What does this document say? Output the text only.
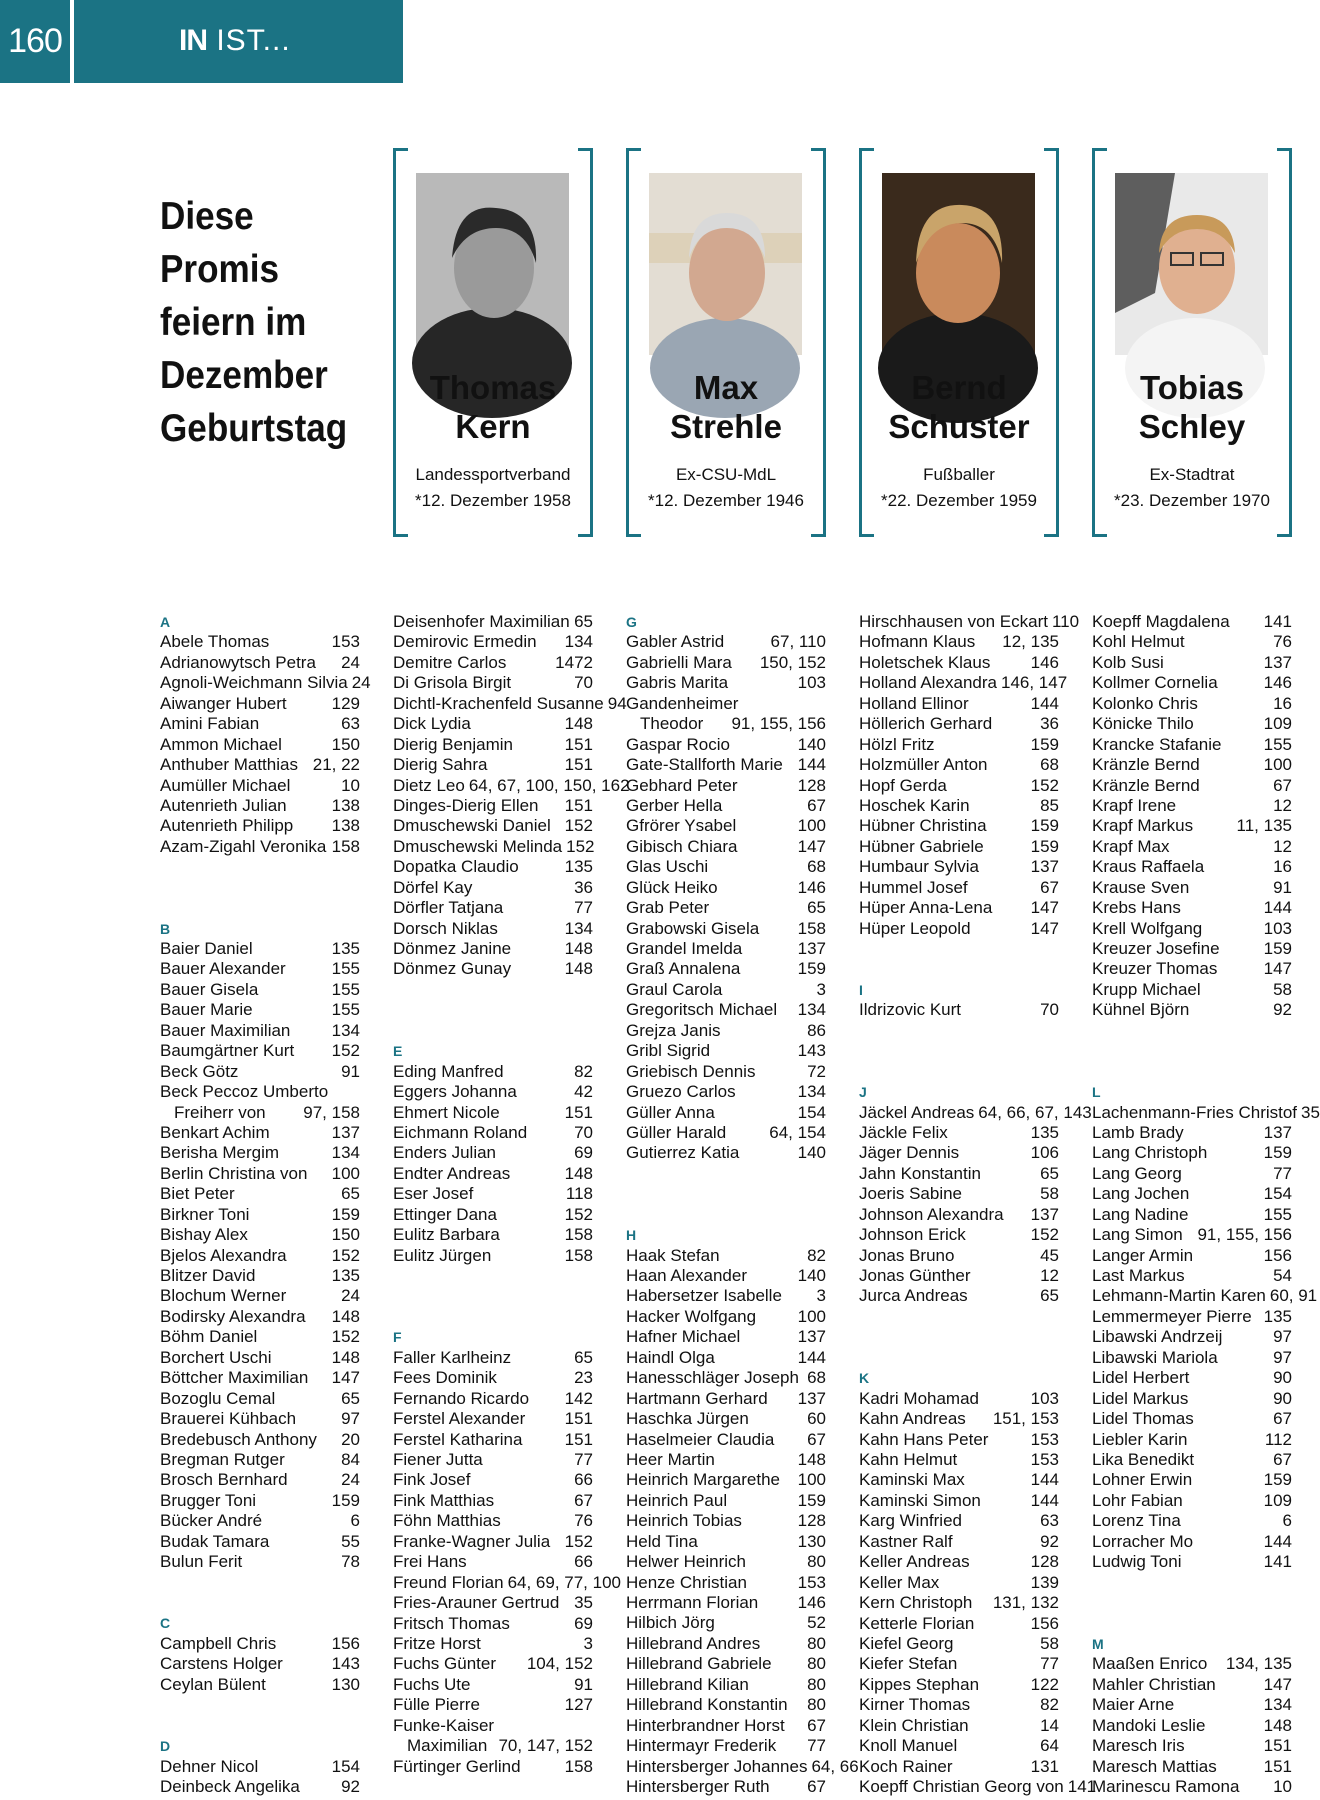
160	IN IST...
Diese
Promis
feiern im
Dezember
Geburtstag
Thomas
Kern
Landessportverband
*12. Dezember 1958
Max
Strehle
Ex-CSU-MdL
*12. Dezember 1946
Bernd
Schuster
Fußballer
*22. Dezember 1959
Tobias
Schley
Ex-Stadtrat
*23. Dezember 1970
A
Abele Thomas	153
Adrianowytsch Petra 24
Agnoli-Weichmann Silvia 24
Aiwanger Hubert	129
Amini Fabian	63
Ammon Michael	150
Anthuber Matthias 21, 22
Aumüller Michael	10
Autenrieth Julian	138
Autenrieth Philipp 138
Azam-Zigahl Veronika 158
B
Baier Daniel	135
Bauer Alexander	155
Bauer Gisela	155
Bauer Marie	155
Bauer Maximilian 134
Baumgärtner Kurt 152
Beck Götz	91
Beck Peccoz Umberto
Freiherr von 97, 158
Benkart Achim	137
Berisha Mergim	134
Berlin Christina von 100
Biet Peter	65
Birkner Toni	159
Bishay Alex	150
Bjelos Alexandra	152
Blitzer David	135
Blochum Werner	24
Bodirsky Alexandra 148
Böhm Daniel	152
Borchert Uschi	148
Böttcher Maximilian 147
Bozoglu Cemal	65
Brauerei Kühbach	97
Bredebusch Anthony 20
Bregman Rutger	84
Brosch Bernhard	24
Brugger Toni	159
Bücker André	6
Budak Tamara	55
Bulun Ferit	78
C
Campbell Chris	156
Carstens Holger	143
Ceylan Bülent	130
D
Dehner Nicol	154
Deinbeck Angelika 92
Deisenhofer Maximilian 65
Demirovic Ermedin 134
Demitre Carlos	1472
Di Grisola Birgit	70
Dichtl-Krachenfeld Susanne 94
Dick Lydia	148
Dierig Benjamin	151
Dierig Sahra	151
Dietz Leo 64, 67, 100, 150, 162
Dinges-Dierig Ellen 151
Dmuschewski Daniel 152
Dmuschewski Melinda 152
Dopatka Claudio	135
Dörfel Kay	36
Dörfler Tatjana	77
Dorsch Niklas	134
Dönmez Janine	148
Dönmez Gunay	148
E
Eding Manfred	82
Eggers Johanna	42
Ehmert Nicole	151
Eichmann Roland	70
Enders Julian	69
Endter Andreas	148
Eser Josef	118
Ettinger Dana	152
Eulitz Barbara	158
Eulitz Jürgen	158
F
Faller Karlheinz	65
Fees Dominik	23
Fernando Ricardo 142
Ferstel Alexander 151
Ferstel Katharina 151
Fiener Jutta	77
Fink Josef	66
Fink Matthias	67
Föhn Matthias	76
Franke-Wagner Julia 152
Frei Hans	66
Freund Florian 64, 69, 77, 100
Fries-Arauner Gertrud 35
Fritsch Thomas	69
Fritze Horst	3
Fuchs Günter 104, 152
Fuchs Ute	91
Fülle Pierre	127
Funke-Kaiser
Maximilian 70, 147, 152
Fürtinger Gerlind	158
G
Gabler Astrid	67, 110
Gabrielli Mara 150, 152
Gabris Marita	103
Gandenheimer
Theodor 91, 155, 156
Gaspar Rocio	140
Gate-Stallforth Marie 144
Gebhard Peter	128
Gerber Hella	67
Gfrörer Ysabel	100
Gibisch Chiara	147
Glas Uschi	68
Glück Heiko	146
Grab Peter	65
Grabowski Gisela 158
Grandel Imelda	137
Graß Annalena	159
Graul Carola	3
Gregoritsch Michael 134
Grejza Janis	86
Gribl Sigrid	143
Griebisch Dennis	72
Gruezo Carlos	134
Güller Anna	154
Güller Harald	64, 154
Gutierrez Katia	140
H
Haak Stefan	82
Haan Alexander	140
Habersetzer Isabelle 3
Hacker Wolfgang 100
Hafner Michael	137
Haindl Olga	144
Hanesschläger Joseph 68
Hartmann Gerhard 137
Haschka Jürgen	60
Haselmeier Claudia 67
Heer Martin	148
Heinrich Margarethe 100
Heinrich Paul	159
Heinrich Tobias	128
Held Tina	130
Helwer Heinrich	80
Henze Christian	153
Herrmann Florian 146
Hilbich Jörg	52
Hillebrand Andres	80
Hillebrand Gabriele 80
Hillebrand Kilian	80
Hillebrand Konstantin 80
Hinterbrandner Horst 67
Hintermayr Frederik 77
Hintersberger Johannes 64, 66
Hintersberger Ruth 67
Hirschhausen von Eckart 110
Hofmann Klaus 12, 135
Holetschek Klaus 146
Holland Alexandra 146, 147
Holland Ellinor	144
Höllerich Gerhard	36
Hölzl Fritz	159
Holzmüller Anton	68
Hopf Gerda	152
Hoschek Karin	85
Hübner Christina	159
Hübner Gabriele	159
Humbaur Sylvia	137
Hummel Josef	67
Hüper Anna-Lena 147
Hüper Leopold	147
I
Ildrizovic Kurt	70
J
Jäckel Andreas 64, 66, 67, 143
Jäckle Felix	135
Jäger Dennis	106
Jahn Konstantin	65
Joeris Sabine	58
Johnson Alexandra 137
Johnson Erick	152
Jonas Bruno	45
Jonas Günther	12
Jurca Andreas	65
K
Kadri Mohamad	103
Kahn Andreas 151, 153
Kahn Hans Peter 153
Kahn Helmut	153
Kaminski Max	144
Kaminski Simon	144
Karg Winfried	63
Kastner Ralf	92
Keller Andreas	128
Keller Max	139
Kern Christoph 131, 132
Ketterle Florian	156
Kiefel Georg	58
Kiefer Stefan	77
Kippes Stephan	122
Kirner Thomas	82
Klein Christian	14
Knoll Manuel	64
Koch Rainer	131
Koepff Christian Georg von 141
Koepff Magdalena 141
Kohl Helmut	76
Kolb Susi	137
Kollmer Cornelia	146
Kolonko Chris	16
Könicke Thilo	109
Krancke Stafanie 155
Kränzle Bernd	100
Kränzle Bernd	67
Krapf Irene	12
Krapf Markus	11, 135
Krapf Max	12
Kraus Raffaela	16
Krause Sven	91
Krebs Hans	144
Krell Wolfgang	103
Kreuzer Josefine	159
Kreuzer Thomas	147
Krupp Michael	58
Kühnel Björn	92
L
Lachenmann-Fries Christof 35
Lamb Brady	137
Lang Christoph	159
Lang Georg	77
Lang Jochen	154
Lang Nadine	155
Lang Simon 91, 155, 156
Langer Armin	156
Last Markus	54
Lehmann-Martin Karen 60, 91
Lemmermeyer Pierre 135
Libawski Andrzeij	97
Libawski Mariola	97
Lidel Herbert	90
Lidel Markus	90
Lidel Thomas	67
Liebler Karin	112
Lika Benedikt	67
Lohner Erwin	159
Lohr Fabian	109
Lorenz Tina	6
Lorracher Mo	144
Ludwig Toni	141
M
Maaßen Enrico 134, 135
Mahler Christian	147
Maier Arne	134
Mandoki Leslie	148
Maresch Iris	151
Maresch Mattias	151
Marinescu Ramona 10
